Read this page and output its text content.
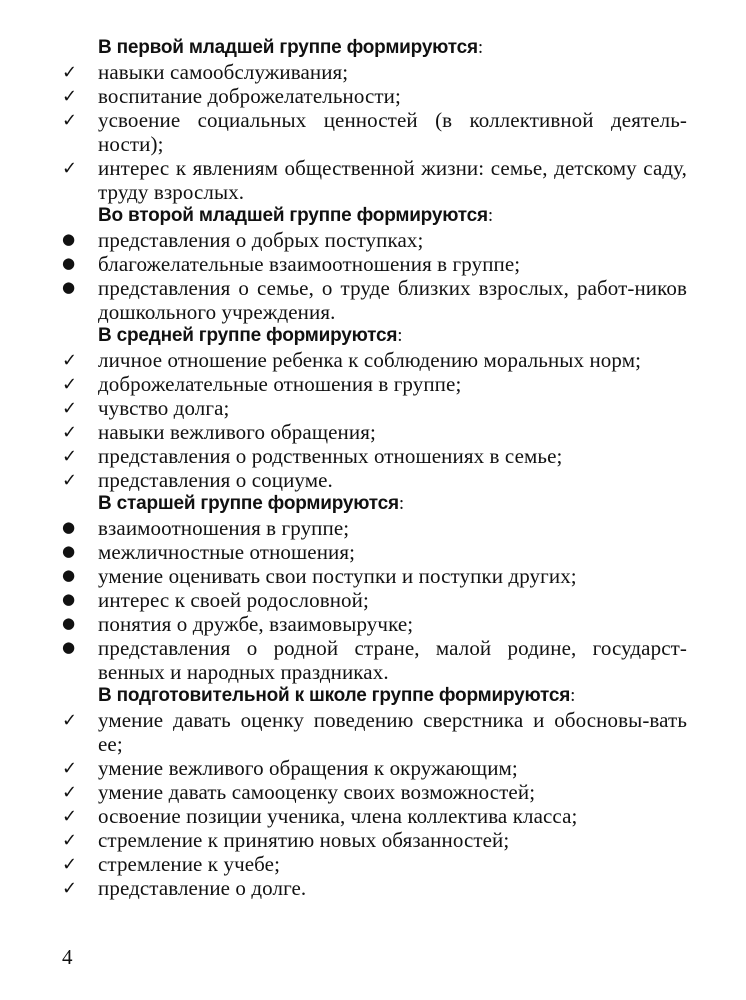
В первой младшей группе формируются:

✓ навыки самообслуживания;
✓ воспитание доброжелательности;
✓ усвоение социальных ценностей (в коллективной деятель-ности);
✓ интерес к явлениям общественной жизни: семье, детскому саду, труду взрослых.

Во второй младшей группе формируются:

●	представления о добрых поступках;
●	благожелательные взаимоотношения в группе;
●	представления о семье, о труде близких взрослых, работ-ников дошкольного учреждения.

В средней группе формируются:

✓ личное отношение ребенка к соблюдению моральных норм;
✓ доброжелательные отношения в группе;
✓ чувство долга;
✓ навыки вежливого обращения;
✓ представления о родственных отношениях в семье;
✓ представления о социуме.

В старшей группе формируются:

●	взаимоотношения в группе;
●	межличностные отношения;
●	умение оценивать свои поступки и поступки других;
●	интерес к своей родословной;
●	понятия о дружбе, взаимовыручке;
●	представления о родной стране, малой родине, государст-венных и народных праздниках.

В подготовительной к школе группе формируются:

✓ умение давать оценку поведению сверстника и обосновы-вать ее;
✓ умение вежливого обращения к окружающим;
✓ умение давать самооценку своих возможностей;
✓ освоение позиции ученика, члена коллектива класса;
✓ стремление к принятию новых обязанностей;
✓ стремление к учебе;
✓ представление о долге.
4
